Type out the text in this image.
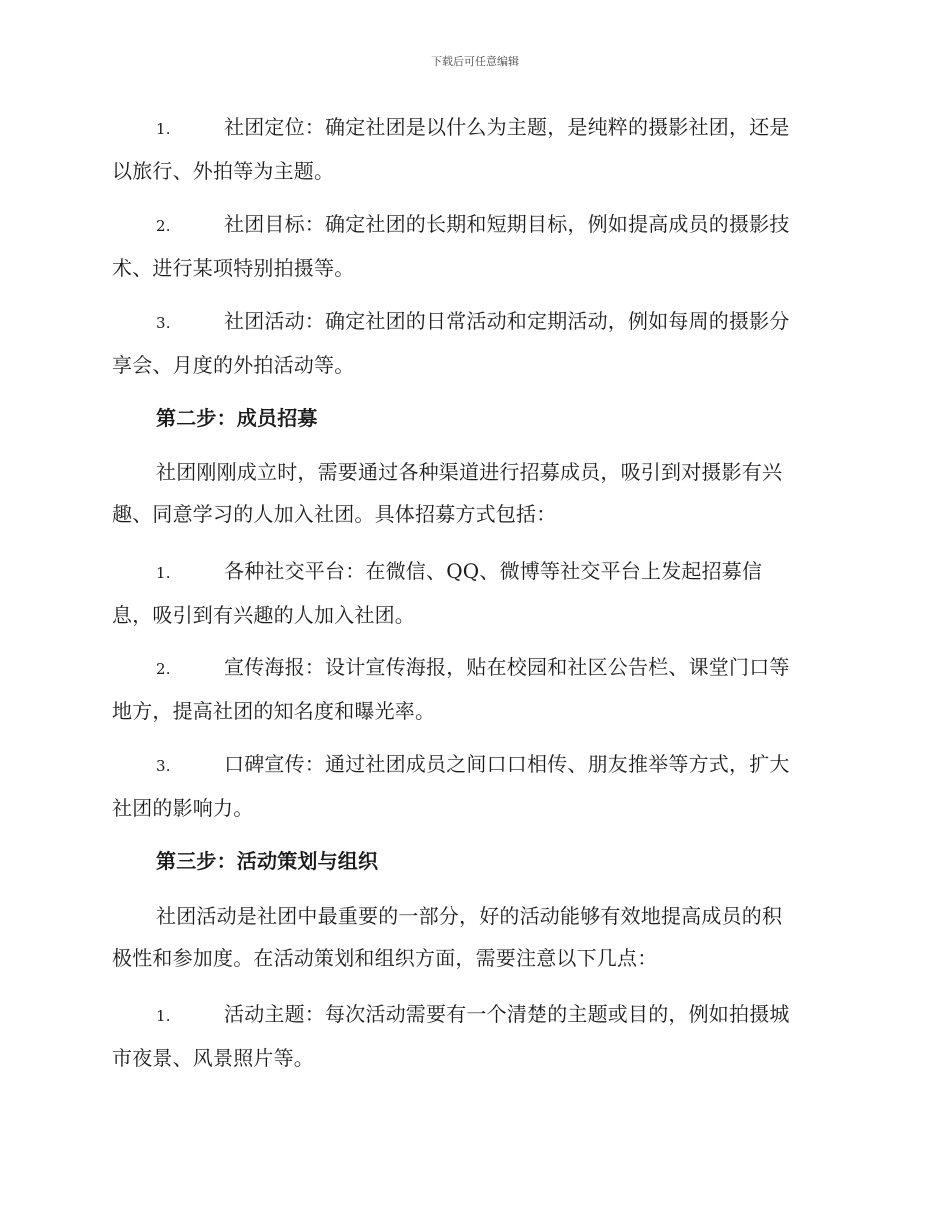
下载后可任意编辑
1.	社团定位：确定社团是以什么为主题，是纯粹的摄影社团，还是
以旅行、外拍等为主题。
2.	社团目标：确定社团的长期和短期目标，例如提高成员的摄影技
术、进行某项特别拍摄等。
3.	社团活动：确定社团的日常活动和定期活动，例如每周的摄影分
享会、月度的外拍活动等。
第二步：成员招募
社团刚刚成立时，需要通过各种渠道进行招募成员，吸引到对摄影有兴
趣、同意学习的人加入社团。具体招募方式包括：
1.	各种社交平台：在微信、QQ、微博等社交平台上发起招募信
息，吸引到有兴趣的人加入社团。
2.	宣传海报：设计宣传海报，贴在校园和社区公告栏、课堂门口等
地方，提高社团的知名度和曝光率。
3.	口碑宣传：通过社团成员之间口口相传、朋友推举等方式，扩大
社团的影响力。
第三步：活动策划与组织
社团活动是社团中最重要的一部分，好的活动能够有效地提高成员的积
极性和参加度。在活动策划和组织方面，需要注意以下几点：
1.	活动主题：每次活动需要有一个清楚的主题或目的，例如拍摄城
市夜景、风景照片等。
